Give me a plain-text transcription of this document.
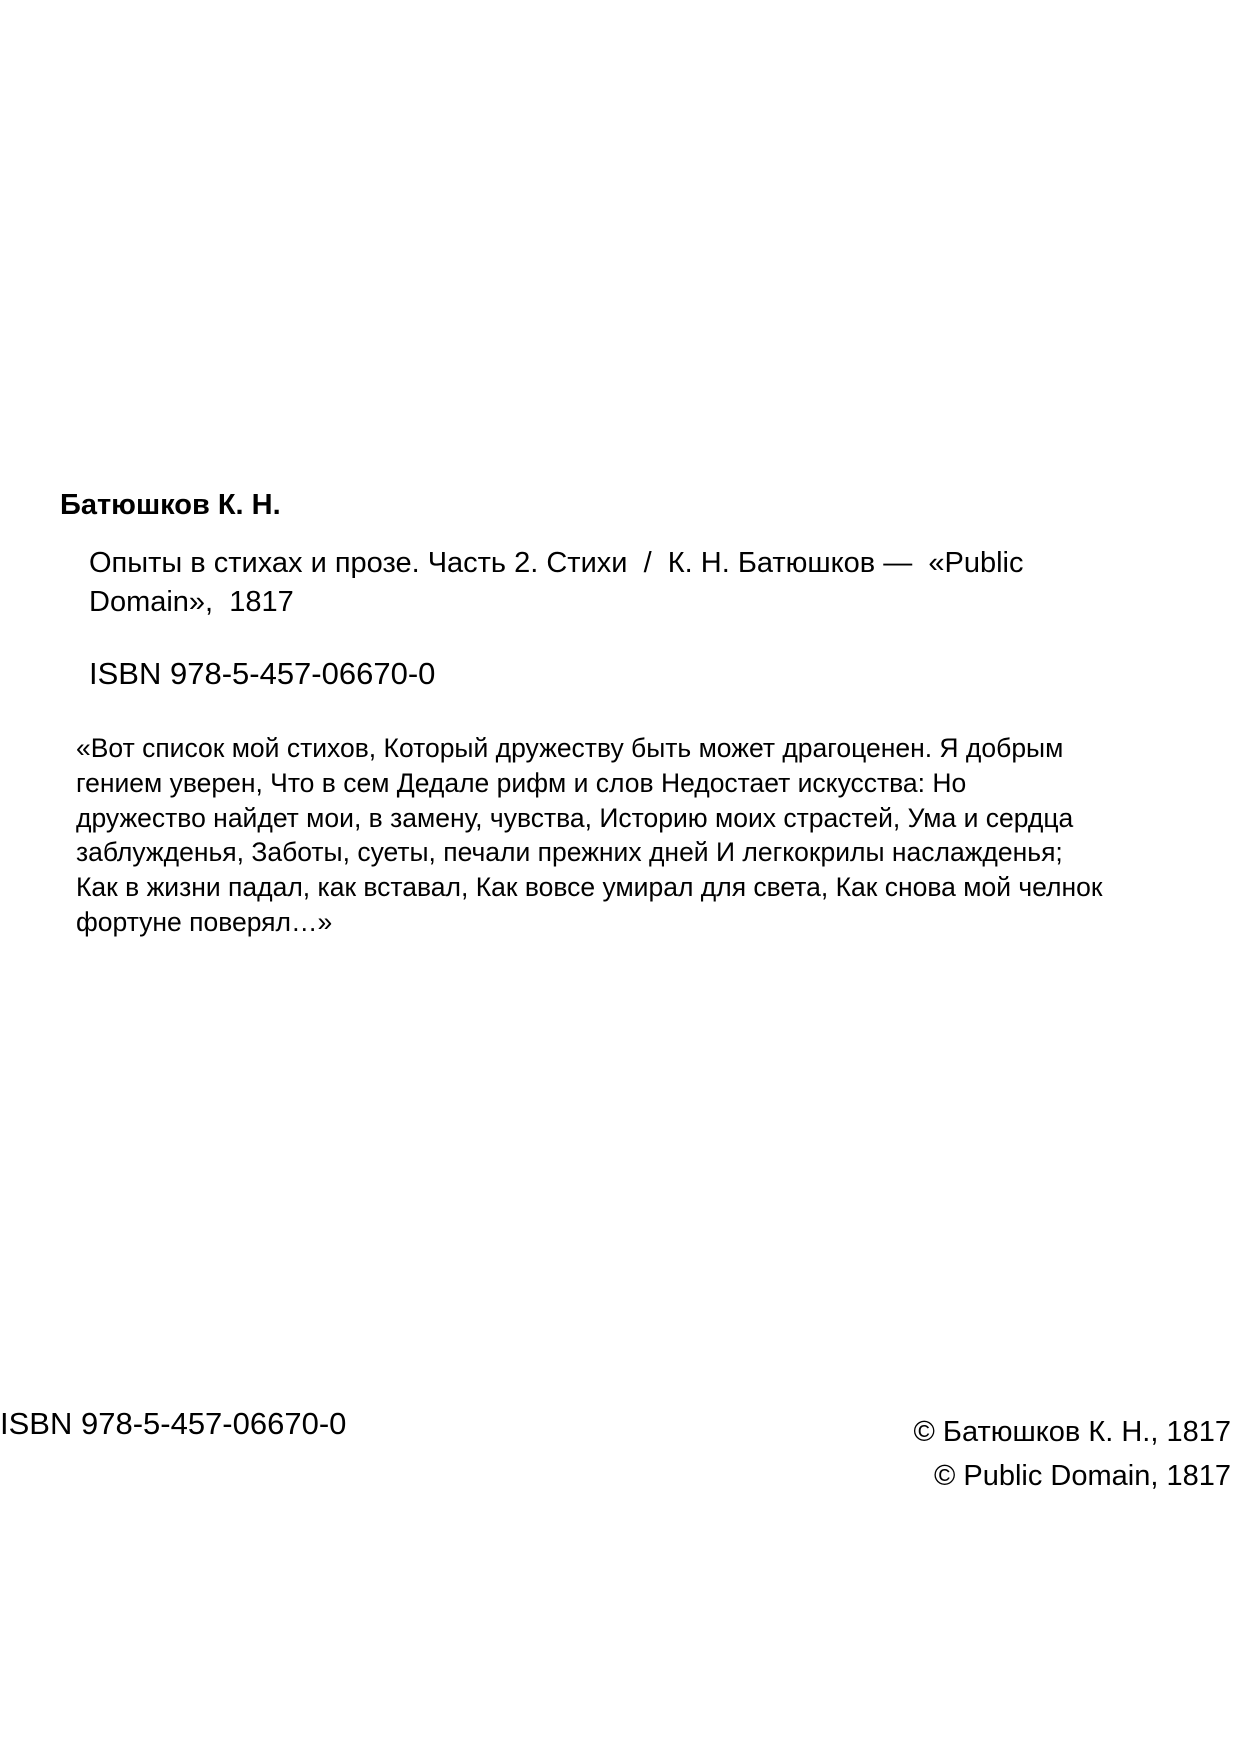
Батюшков К. Н.
Опыты в стихах и прозе. Часть 2. Стихи  /  К. Н. Батюшков —  «Public
Domain»,  1817
ISBN 978-5-457-06670-0
«Вот список мой стихов, Который дружеству быть может драгоценен. Я добрым
гением уверен, Что в сем Дедале рифм и слов Недостает искусства: Но
дружество найдет мои, в замену, чувства, Историю моих страстей, Ума и сердца
заблужденья, Заботы, суеты, печали прежних дней И легкокрилы наслажденья;
Как в жизни падал, как вставал, Как вовсе умирал для света, Как снова мой челнок
фортуне поверял…»
ISBN 978-5-457-06670-0	© Батюшков К. Н., 1817
© Public Domain, 1817
